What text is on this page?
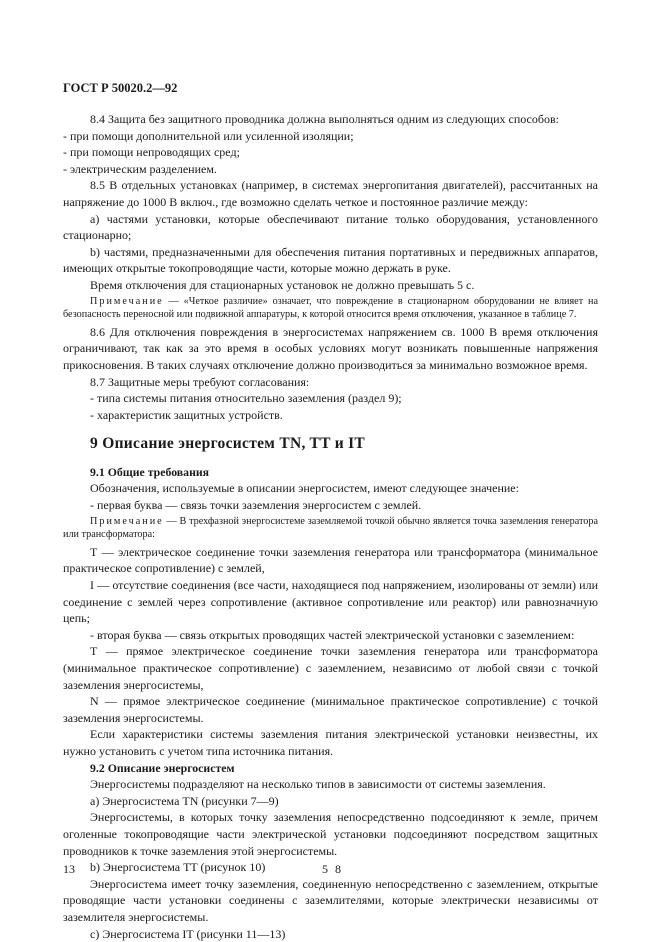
ГОСТ Р 50020.2—92

8.4 Защита без защитного проводника должна выполняться одним из следующих способов:

- при помощи дополнительной или усиленной изоляции;

- при помощи непроводящих сред;

- электрическим разделением.

8.5 В отдельных установках (например, в системах энергопитания двигателей), рассчитанных на напряжение до 1000 В включ., где возможно сделать четкое и постоянное различие между:

а) частями установки, которые обеспечивают питание только оборудования, установленного стационарно;

b) частями, предназначенными для обеспечения питания портативных и передвижных аппаратов, имеющих открытые токопроводящие части, которые можно держать в руке.

Время отключения для стационарных установок не должно превышать 5 с.

Примечание — «Четкое различие» означает, что повреждение в стационарном оборудовании не влияет на безопасность переносной или подвижной аппаратуры, к которой относится время отключения, указанное в таблице 7.

8.6 Для отключения повреждения в энергосистемах напряжением св. 1000 В время отключения ограничивают, так как за это время в особых условиях могут возникать повышенные напряжения прикосновения. В таких случаях отключение должно производиться за минимально возможное время.

8.7 Защитные меры требуют согласования:

- типа системы питания относительно заземления (раздел 9);

- характеристик защитных устройств.

9 Описание энергосистем TN, TT и IT

9.1 Общие требования

Обозначения, используемые в описании энергосистем, имеют следующее значение:

- первая буква — связь точки заземления энергосистем с землей.

Примечание — В трехфазной энергосистеме заземляемой точкой обычно является точка заземления генератора или трансформатора:

Т — электрическое соединение точки заземления генератора или трансформатора (минимальное практическое сопротивление) с землей,

I — отсутствие соединения (все части, находящиеся под напряжением, изолированы от земли) или соединение с землей через сопротивление (активное сопротивление или реактор) или равнозначную цепь;

- вторая буква — связь открытых проводящих частей электрической установки с заземлением:

Т — прямое электрическое соединение точки заземления генератора или трансформатора (минимальное практическое сопротивление) с заземлением, независимо от любой связи с точкой заземления энергосистемы,

N — прямое электрическое соединение (минимальное практическое сопротивление) с точкой заземления энергосистемы.

Если характеристики системы заземления питания электрической установки неизвестны, их нужно установить с учетом типа источника питания.

9.2 Описание энергосистем

Энергосистемы подразделяют на несколько типов в зависимости от системы заземления.

а) Энергосистема TN (рисунки 7—9)

Энергосистемы, в которых точку заземления непосредственно подсоединяют к земле, причем оголенные токопроводящие части электрической установки подсоединяют посредством защитных проводников к точке заземления этой энергосистемы.

b) Энергосистема TT (рисунок 10)

Энергосистема имеет точку заземления, соединенную непосредственно с заземлением, открытые проводящие части установки соединены с заземлителями, которые электрически независимы от заземлителя энергосистемы.

с) Энергосистема IT (рисунки 11—13)

13	5 8
